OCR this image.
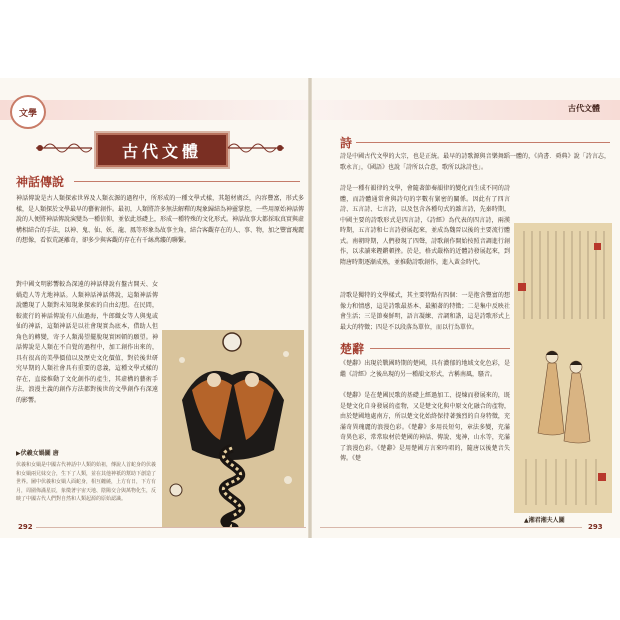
文學
古代文體
神話傳說

神話傳說是古人類探索世界及人類衣源的過程中，所形成的一種文學式樣，其題材廣泛，內容豐富，形式多樣，是人類探於文學最早的藝術創作。最初，人類將許多無法解釋的現象歸結為神靈掌控，一些用原始神話傳說的人便將神話傳說演變為一種信仰，並依此基礎上，形成一種特殊的文化形式。神話故事大都採取真實與虛構相結合的手法，以神、鬼、仙、妖、龍、鳳等形象為故事主角，結合客觀存在的人、事、物，加之豐富瑰麗的想像，看似荒誕離奇，卻多少與客觀的存在有千絲萬縷的聯繫。

對中國文明影響較為深遠的神話傳說有盤古開天、女媧造人等尤地神話。人類神話神話傳說，這類神話傳說體現了人類對未知現象探索的自由幻想。在民間，較流行的神話傳說有八仙過海，牛郎織女等人與鬼或仙的神話，這類神話是以社會現實為底本，借助人但角色的轉變，寄予人類渴望擺脫現實困頓的願望。神話傳說是人類在不自覺的過程中，加工創作出來的，具有很高的美學價值以及歷史文化價值，對於後世研究早期的人類社會具有重要的意義，這種文學式樣的存在，直接推動了文化創作的產生，其虛構的藝術手法，浪漫主義的創作方法都對後世的文學創作有深遠的影響。

▶伏羲女媧圖 唐

伏羲和女媧是中國古代神話中人類的始祖，傳說人首蛇身的伏羲和女媧兩兄妹交合，生下了人類，並在其他神祇的幫助下創造了世界。圖中伏羲和女媧人面蛇身，相互纏繞，上方有日，下方有月，周圍佈滿星辰，象徵著宇宙天地、陰陽交合與萬物化生，反映了中國古代人們對自然和人類起源的原始認識。

292
古代文體
詩

詩是中國古代文學的大宗，也是正統。最早的詩歌源與音樂舞蹈一體的，《尚書．舜典》說「詩言志，歌永言」，《國語》也說「詩所以合意，歌所以詠詩也」。

詩是一種有韻律的文學，會隨著節奏韻律的變化而生成不同的詩體，而詩體通常會與詩句的字數有緊密的關係。因此有了四言詩、五言詩、七言詩，以及包含各種句式的雜言詩，先秦時期，中國主要的詩歌形式是四言詩，《詩經》為代表的四言詩，兩漢時期，五言詩和七言詩發展起來，並成為魏晉以後的主要流行體式。南朝時期，人們發現了四聲，詩歌創作開始按照音調進行創作，以求讀來鏗鏘頓挫。於是，格式嚴格的近體詩發展起來，到隋唐時期逐漸成熟，並推動詩歌創作，進入黃金時代。

詩歌是獨特的文學樣式，其主要特點有四個：一是抱含豐富的想像力和情感，這是詩歌最基本、最顯著的特徵；二是集中反映社會生活；三是節奏鮮明，語言凝練、音調和諧，這是詩歌形式上最大的特徵；四是不以段落為單位，而以行為單位。

楚辭

《楚辭》出現於戰國時期的楚國，具有濃郁的地域文化色彩，是繼《詩經》之後出現的另一種韻文形式，古稱南風，騷音。

《楚辭》是在楚國民歌的基礎上經過加工、提煉而發展來的，既是楚文化自身發展的產物，又是楚文化與中原文化融合的產物，由於楚國地處南方，所以楚文化始終保持著強烈的自身特徵，充滿奇異瑰麗的浪漫色彩。《楚辭》多用長短句，章法多變，充滿奇異色彩，常常取材於楚國的神話、傳說、鬼神，山水等，充滿了浪漫色彩。《楚辭》是用楚國方言來吟唱的，隨唐以後楚音失傳。《楚

▲湘君湘夫人圖
293
